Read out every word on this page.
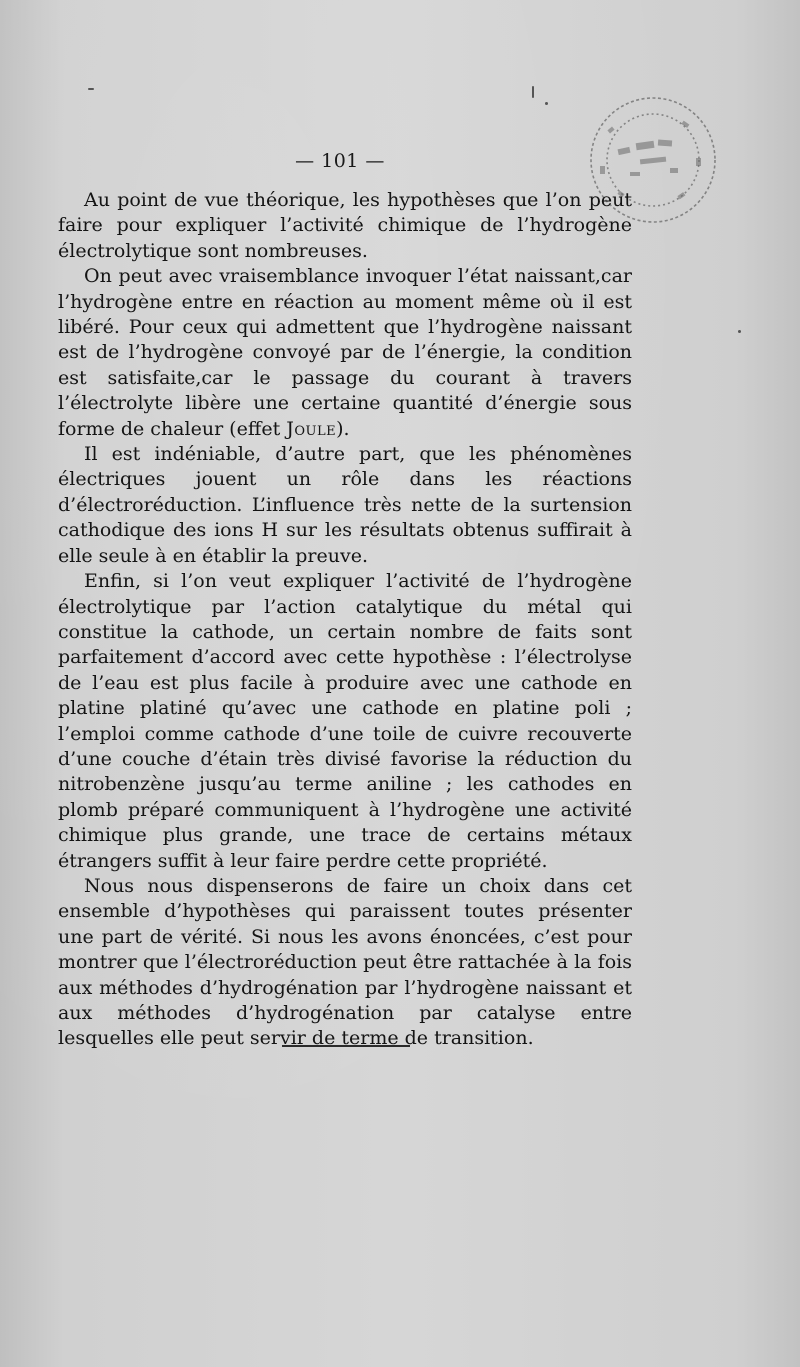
— 101 —

Au point de vue théorique, les hypothèses que l’on peut faire pour expliquer l’activité chimique de l’hydrogène électrolytique sont nombreuses.

On peut avec vraisemblance invoquer l’état naissant,car l’hydrogène entre en réaction au moment même où il est libéré. Pour ceux qui admettent que l’hydrogène naissant est de l’hydrogène convoyé par de l’énergie, la condition est satisfaite,car le passage du courant à travers l’électrolyte libère une certaine quantité d’énergie sous forme de chaleur (effet Joule).

Il est indéniable, d’autre part, que les phénomènes électriques jouent un rôle dans les réactions d’électroréduction. L’influence très nette de la surtension cathodique des ions H sur les résultats obtenus suffirait à elle seule à en établir la preuve.

Enfin, si l’on veut expliquer l’activité de l’hydrogène électrolytique par l’action catalytique du métal qui constitue la cathode, un certain nombre de faits sont parfaitement d’accord avec cette hypothèse : l’électrolyse de l’eau est plus facile à produire avec une cathode en platine platiné qu’avec une cathode en platine poli ; l’emploi comme cathode d’une toile de cuivre recouverte d’une couche d’étain très divisé favorise la réduction du nitrobenzène jusqu’au terme aniline ; les cathodes en plomb préparé communiquent à l’hydrogène une activité chimique plus grande, une trace de certains métaux étrangers suffit à leur faire perdre cette propriété.

Nous nous dispenserons de faire un choix dans cet ensemble d’hypothèses qui paraissent toutes présenter une part de vérité. Si nous les avons énoncées, c’est pour montrer que l’électroréduction peut être rattachée à la fois aux méthodes d’hydrogénation par l’hydrogène naissant et aux méthodes d’hydrogénation par catalyse entre lesquelles elle peut servir de terme de transition.
